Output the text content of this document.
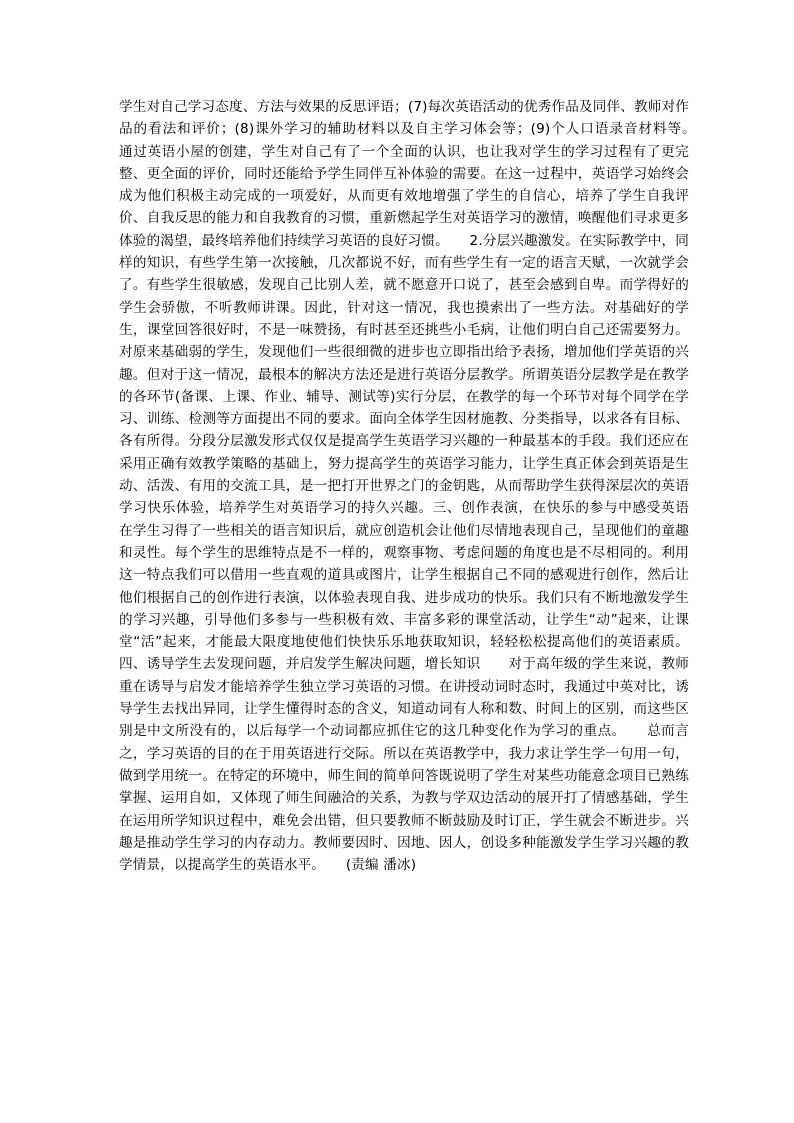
学生对自己学习态度、方法与效果的反思评语；(7)每次英语活动的优秀作品及同伴、教师对作品的看法和评价；(8)课外学习的辅助材料以及自主学习体会等；(9)个人口语录音材料等。　　通过英语小屋的创建，学生对自己有了一个全面的认识，也让我对学生的学习过程有了更完整、更全面的评价，同时还能给予学生同伴互补体验的需要。在这一过程中，英语学习始终会成为他们积极主动完成的一项爱好，从而更有效地增强了学生的自信心，培养了学生自我评价、自我反思的能力和自我教育的习惯，重新燃起学生对英语学习的激情，唤醒他们寻求更多体验的渴望，最终培养他们持续学习英语的良好习惯。　　2.分层兴趣激发。在实际教学中，同样的知识，有些学生第一次接触，几次都说不好，而有些学生有一定的语言天赋，一次就学会了。有些学生很敏感，发现自己比别人差，就不愿意开口说了，甚至会感到自卑。而学得好的学生会骄傲，不听教师讲课。因此，针对这一情况，我也摸索出了一些方法。对基础好的学生，课堂回答很好时，不是一味赞扬，有时甚至还挑些小毛病，让他们明白自己还需要努力。对原来基础弱的学生，发现他们一些很细微的进步也立即指出给予表扬，增加他们学英语的兴趣。但对于这一情况，最根本的解决方法还是进行英语分层教学。所谓英语分层教学是在教学的各环节(备课、上课、作业、辅导、测试等)实行分层，在教学的每一个环节对每个同学在学习、训练、检测等方面提出不同的要求。面向全体学生因材施教、分类指导，以求各有目标、各有所得。分段分层激发形式仅仅是提高学生英语学习兴趣的一种最基本的手段。我们还应在采用正确有效教学策略的基础上，努力提高学生的英语学习能力，让学生真正体会到英语是生动、活泼、有用的交流工具，是一把打开世界之门的金钥匙，从而帮助学生获得深层次的英语学习快乐体验，培养学生对英语学习的持久兴趣。三、创作表演，在快乐的参与中感受英语　　在学生习得了一些相关的语言知识后，就应创造机会让他们尽情地表现自己，呈现他们的童趣和灵性。每个学生的思维特点是不一样的，观察事物、考虑问题的角度也是不尽相同的。利用这一特点我们可以借用一些直观的道具或图片，让学生根据自己不同的感观进行创作，然后让他们根据自己的创作进行表演，以体验表现自我、进步成功的快乐。我们只有不断地激发学生的学习兴趣，引导他们多参与一些积极有效、丰富多彩的课堂活动，让学生“动”起来，让课堂“活”起来，才能最大限度地使他们快快乐乐地获取知识，轻轻松松提高他们的英语素质。四、诱导学生去发现问题，并启发学生解决问题，增长知识　　对于高年级的学生来说，教师重在诱导与启发才能培养学生独立学习英语的习惯。在讲授动词时态时，我通过中英对比，诱导学生去找出异同，让学生懂得时态的含义，知道动词有人称和数、时间上的区别，而这些区别是中文所没有的，以后每学一个动词都应抓住它的这几种变化作为学习的重点。　　总而言之，学习英语的目的在于用英语进行交际。所以在英语教学中，我力求让学生学一句用一句，做到学用统一。在特定的环境中，师生间的简单问答既说明了学生对某些功能意念项目已熟练掌握、运用自如，又体现了师生间融洽的关系，为教与学双边活动的展开打了情感基础，学生在运用所学知识过程中，难免会出错，但只要教师不断鼓励及时订正，学生就会不断进步。兴趣是推动学生学习的内存动力。教师要因时、因地、因人，创设多种能激发学生学习兴趣的教学情景，以提高学生的英语水平。　　(责编 潘冰)
